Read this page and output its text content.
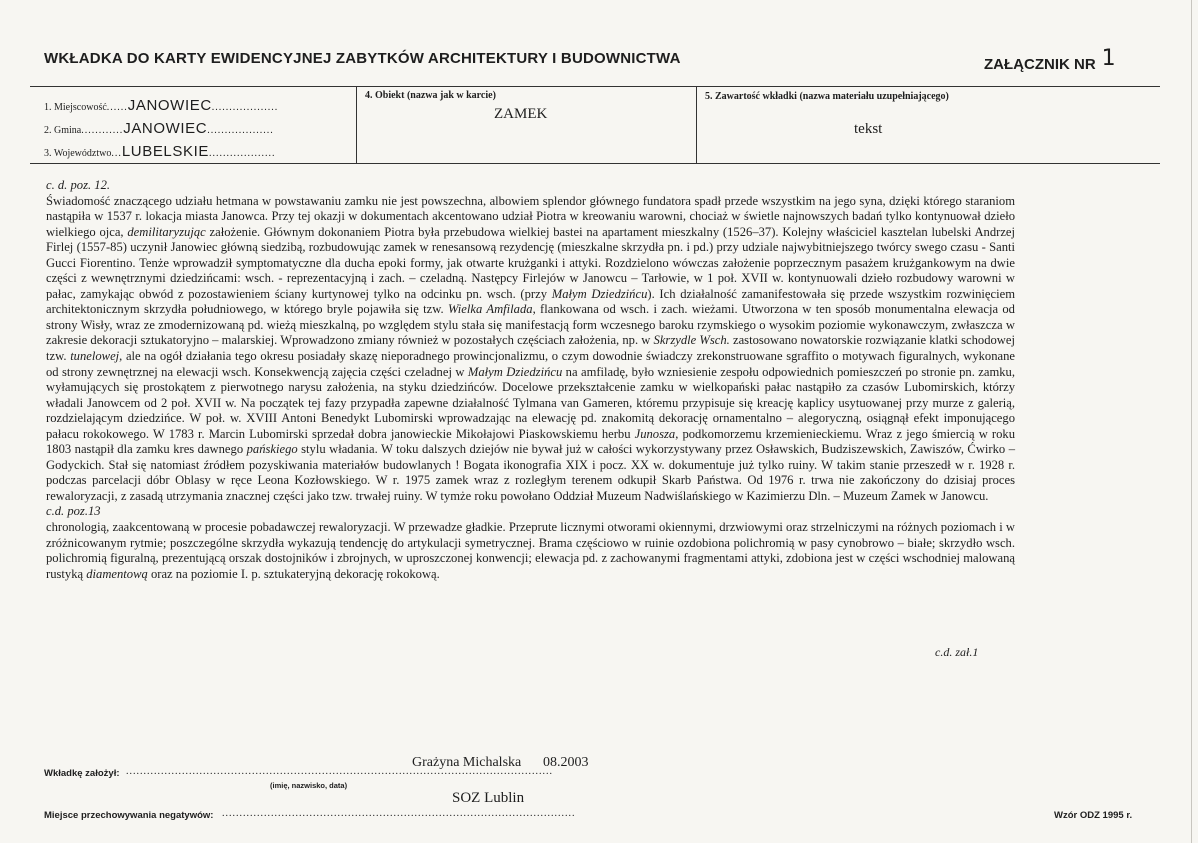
WKŁADKA DO KARTY EWIDENCYJNEJ ZABYTKÓW ARCHITEKTURY I BUDOWNICTWA	ZAŁĄCZNIK NR 1
1. Miejscowość......JANOWIEC...................
2. Gmina............JANOWIEC...................
3. Województwo...LUBELSKIE...................
4. Obiekt (nazwa jak w karcie)
ZAMEK
5. Zawartość wkładki (nazwa materiału uzupełniającego)
tekst

c. d. poz. 12.

Świadomość znaczącego udziału hetmana w powstawaniu zamku nie jest powszechna, albowiem splendor głównego fundatora spadł przede wszystkim na jego syna, dzięki którego staraniom nastąpiła w 1537 r. lokacja miasta Janowca. Przy tej okazji w dokumentach akcentowano udział Piotra w kreowaniu warowni, chociaż w świetle najnowszych badań tylko kontynuował dzieło wielkiego ojca, demilitaryzując założenie. Głównym dokonaniem Piotra była przebudowa wielkiej bastei na apartament mieszkalny (1526–37). Kolejny właściciel kasztelan lubelski Andrzej Firlej (1557-85) uczynił Janowiec główną siedzibą, rozbudowując zamek w renesansową rezydencję (mieszkalne skrzydła pn. i pd.) przy udziale najwybitniejszego twórcy swego czasu - Santi Gucci Fiorentino. Tenże wprowadził symptomatyczne dla ducha epoki formy, jak otwarte krużganki i attyki. Rozdzielono wówczas założenie poprzecznym pasażem krużgankowym na dwie części z wewnętrznymi dziedzińcami: wsch. - reprezentacyjną i zach. – czeladną. Następcy Firlejów w Janowcu – Tarłowie, w 1 poł. XVII w. kontynuowali dzieło rozbudowy warowni w pałac, zamykając obwód z pozostawieniem ściany kurtynowej tylko na odcinku pn. wsch. (przy Małym Dziedzińcu). Ich działalność zamanifestowała się przede wszystkim rozwinięciem architektonicznym skrzydła południowego, w którego bryle pojawiła się tzw. Wielka Amfilada, flankowana od wsch. i zach. wieżami. Utworzona w ten sposób monumentalna elewacja od strony Wisły, wraz ze zmodernizowaną pd. wieżą mieszkalną, po względem stylu stała się manifestacją form wczesnego baroku rzymskiego o wysokim poziomie wykonawczym, zwłaszcza w zakresie dekoracji sztukatoryjno – malarskiej. Wprowadzono zmiany również w pozostałych częściach założenia, np. w Skrzydle Wsch. zastosowano nowatorskie rozwiązanie klatki schodowej tzw. tunelowej, ale na ogół działania tego okresu posiadały skazę nieporadnego prowincjonalizmu, o czym dowodnie świadczy zrekonstruowane sgraffito o motywach figuralnych, wykonane od strony zewnętrznej na elewacji wsch. Konsekwencją zajęcia części czeladnej w Małym Dziedzińcu na amfiladę, było wzniesienie zespołu odpowiednich pomieszczeń po stronie pn. zamku, wyłamujących się prostokątem z pierwotnego narysu założenia, na styku dziedzińców. Docelowe przekształcenie zamku w wielkopański pałac nastąpiło za czasów Lubomirskich, którzy władali Janowcem od 2 poł. XVII w. Na początek tej fazy przypadła zapewne działalność Tylmana van Gameren, któremu przypisuje się kreację kaplicy usytuowanej przy murze z galerią, rozdzielającym dziedzińce. W poł. w. XVIII Antoni Benedykt Lubomirski wprowadzając na elewację pd. znakomitą dekorację ornamentalno – alegoryczną, osiągnął efekt imponującego pałacu rokokowego. W 1783 r. Marcin Lubomirski sprzedał dobra janowieckie Mikołajowi Piaskowskiemu herbu Junosza, podkomorzemu krzemienieckiemu. Wraz z jego śmiercią w roku 1803 nastąpił dla zamku kres dawnego pańskiego stylu władania. W toku dalszych dziejów nie bywał już w całości wykorzystywany przez Osławskich, Budziszewskich, Zawiszów, Ćwirko – Godyckich. Stał się natomiast źródłem pozyskiwania materiałów budowlanych ! Bogata ikonografia XIX i pocz. XX w. dokumentuje już tylko ruiny. W takim stanie przeszedł w r. 1928 r. podczas parcelacji dóbr Oblasy w ręce Leona Kozłowskiego. W r. 1975 zamek wraz z rozległym terenem odkupił Skarb Państwa. Od 1976 r. trwa nie zakończony do dzisiaj proces rewaloryzacji, z zasadą utrzymania znacznej części jako tzw. trwałej ruiny. W tymże roku powołano Oddział Muzeum Nadwiślańskiego w Kazimierzu Dln. – Muzeum Zamek w Janowcu.

c.d. poz.13

chronologią, zaakcentowaną w procesie pobadawczej rewaloryzacji. W przewadze gładkie. Przeprute licznymi otworami okiennymi, drzwiowymi oraz strzelniczymi na różnych poziomach i w zróżnicowanym rytmie; poszczególne skrzydła wykazują tendencję do artykulacji symetrycznej. Brama częściowo w ruinie ozdobiona polichromią w pasy cynobrowo – białe; skrzydło wsch. polichromią figuralną, prezentującą orszak dostojników i zbrojnych, w uproszczonej konwencji; elewacja pd. z zachowanymi fragmentami attyki, zdobiona jest w części wschodniej malowaną rustyką diamentową oraz na poziomie I. p. sztukateryjną dekorację rokokową.

c.d. zał.1
Grażyna Michalska 08.2003
Wkładkę założył: ..........................................................................................................................
(imię, nazwisko, data)
SOZ Lublin
Miejsce przechowywania negatywów: .....................................................................................................	Wzór ODZ 1995 r.
